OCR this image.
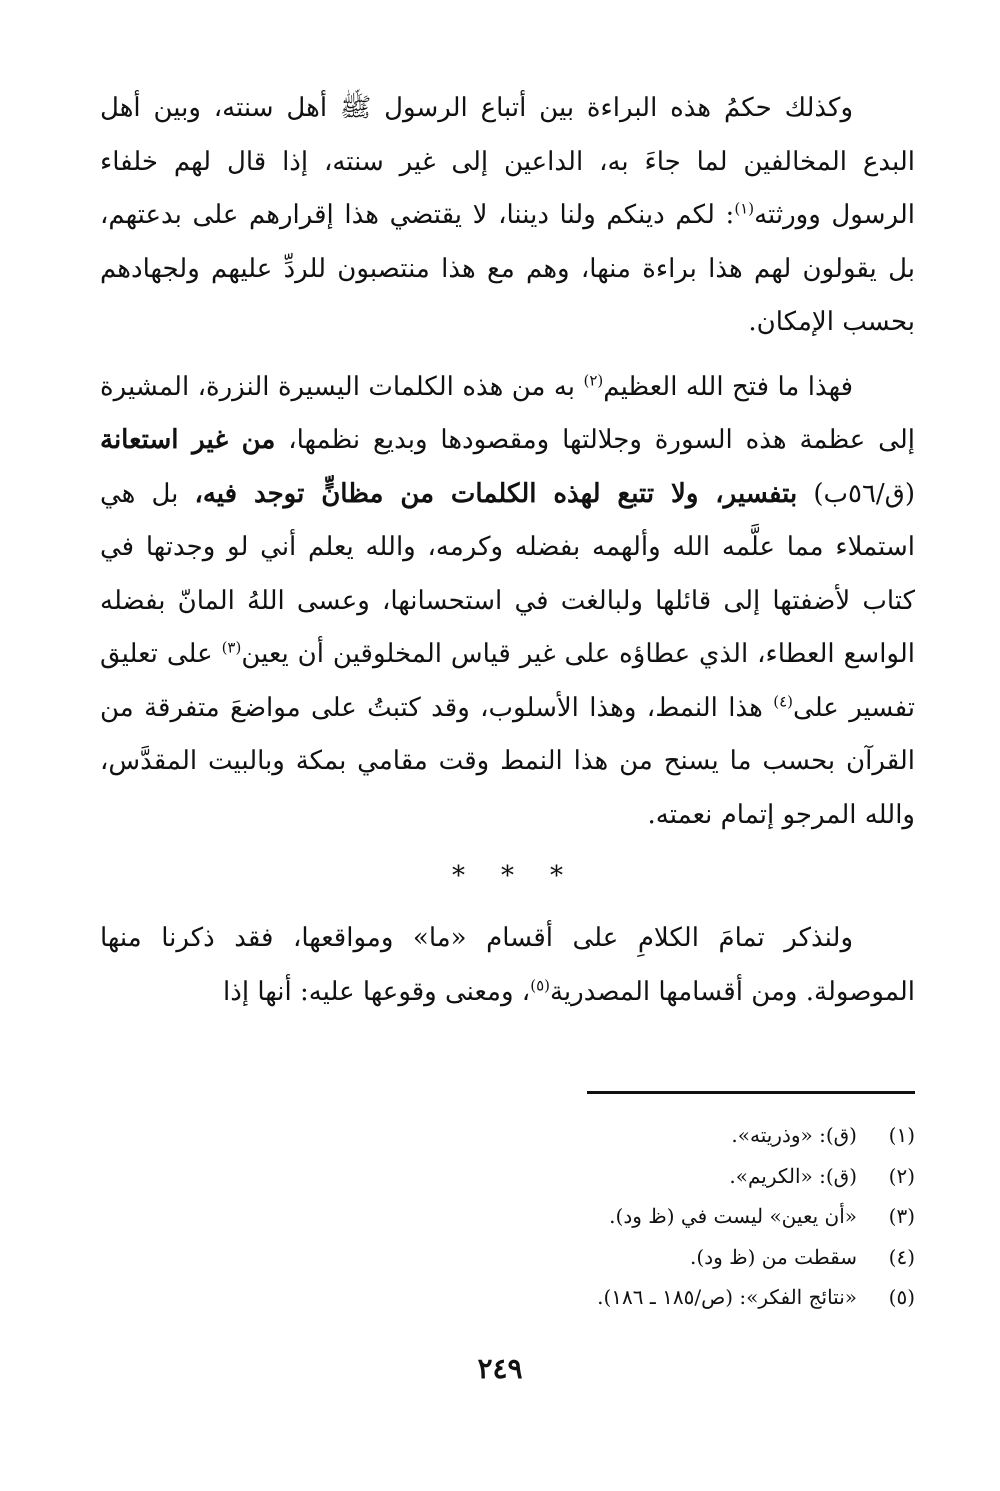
وكذلك حكمُ هذه البراءة بين أتباع الرسول ﷺ أهل سنته، وبين أهل البدع المخالفين لما جاءَ به، الداعين إلى غير سنته، إذا قال لهم خلفاء الرسول وورثته$^{(١)}$: لكم دينكم ولنا ديننا، لا يقتضي هذا إقرارهم على بدعتهم، بل يقولون لهم هذا براءة منها، وهم مع هذا منتصبون للردِّ عليهم ولجهادهم بحسب الإمكان.

فهذا ما فتح الله العظيم$^{(٢)}$ به من هذه الكلمات اليسيرة النزرة، المشيرة إلى عظمة هذه السورة وجلالتها ومقصودها وبديع نظمها، من غير استعانة (ق/٥٦ب) بتفسير، ولا تتبع لهذه الكلمات من مظانٍّ توجد فيه، بل هي استملاء مما علَّمه الله وألهمه بفضله وكرمه، والله يعلم أني لو وجدتها في كتاب لأضفتها إلى قائلها ولبالغت في استحسانها، وعسى اللهُ المانّ بفضله الواسع العطاء، الذي عطاؤه على غير قياس المخلوقين أن يعين$^{(٣)}$ على تعليق تفسير على$^{(٤)}$ هذا النمط، وهذا الأسلوب، وقد كتبتُ على مواضعَ متفرقة من القرآن بحسب ما يسنح من هذا النمط وقت مقامي بمكة وبالبيت المقدَّس، والله المرجو إتمام نعمته.

* * *

ولنذكر تمامَ الكلامِ على أقسام «ما» ومواقعها، فقد ذكرنا منها الموصولة. ومن أقسامها المصدرية$^{(٥)}$، ومعنى وقوعها عليه: أنها إذا

(١)(ق): «وذريته».
(٢)(ق): «الكريم».
(٣)«أن يعين» ليست في (ظ ود).
(٤)سقطت من (ظ ود).
(٥)«نتائج الفكر»: (ص/١٨٥ ـ ١٨٦).
٢٤٩
